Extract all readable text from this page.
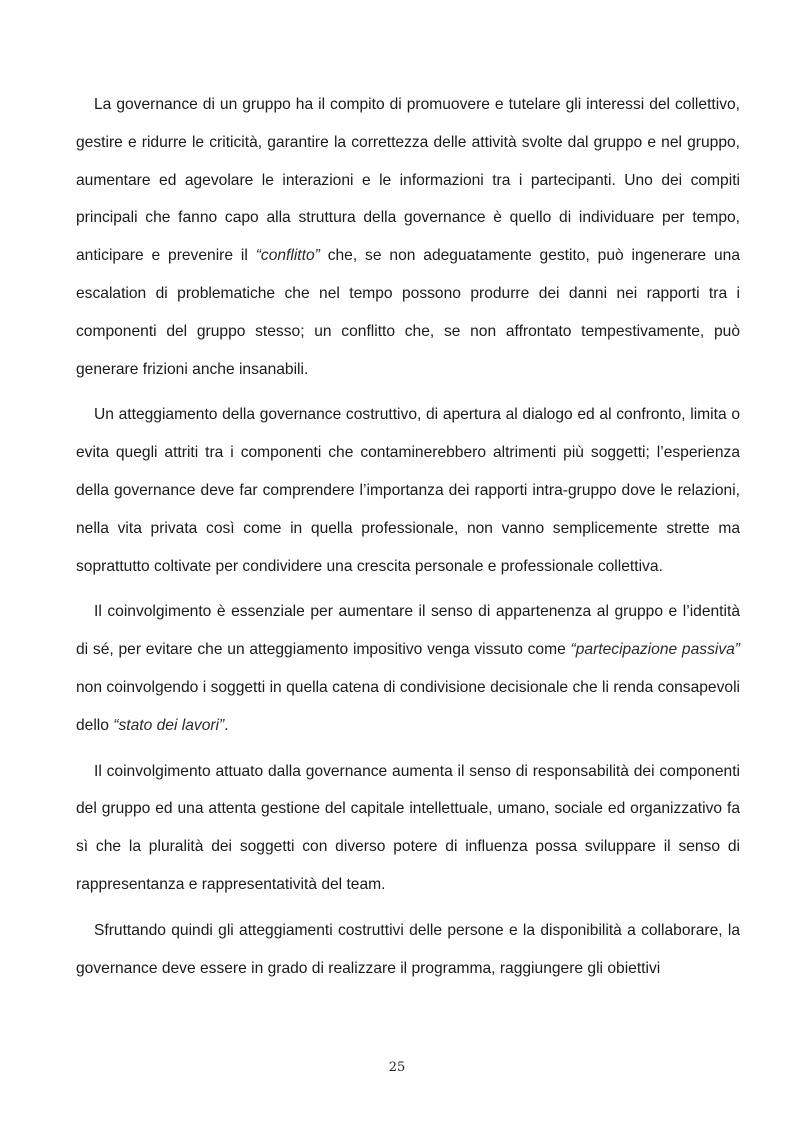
La governance di un gruppo ha il compito di promuovere e tutelare gli interessi del collettivo, gestire e ridurre le criticità, garantire la correttezza delle attività svolte dal gruppo e nel gruppo, aumentare ed agevolare le interazioni e le informazioni tra i partecipanti. Uno dei compiti principali che fanno capo alla struttura della governance è quello di individuare per tempo, anticipare e prevenire il “conflitto” che, se non adeguatamente gestito, può ingenerare una escalation di problematiche che nel tempo possono produrre dei danni nei rapporti tra i componenti del gruppo stesso; un conflitto che, se non affrontato tempestivamente, può generare frizioni anche insanabili.

Un atteggiamento della governance costruttivo, di apertura al dialogo ed al confronto, limita o evita quegli attriti tra i componenti che contaminerebbero altrimenti più soggetti; l’esperienza della governance deve far comprendere l’importanza dei rapporti intra-gruppo dove le relazioni, nella vita privata così come in quella professionale, non vanno semplicemente strette ma soprattutto coltivate per condividere una crescita personale e professionale collettiva.

Il coinvolgimento è essenziale per aumentare il senso di appartenenza al gruppo e l’identità di sé, per evitare che un atteggiamento impositivo venga vissuto come “partecipazione passiva” non coinvolgendo i soggetti in quella catena di condivisione decisionale che li renda consapevoli dello “stato dei lavori”.

Il coinvolgimento attuato dalla governance aumenta il senso di responsabilità dei componenti del gruppo ed una attenta gestione del capitale intellettuale, umano, sociale ed organizzativo fa sì che la pluralità dei soggetti con diverso potere di influenza possa sviluppare il senso di rappresentanza e rappresentatività del team.

Sfruttando quindi gli atteggiamenti costruttivi delle persone e la disponibilità a collaborare, la governance deve essere in grado di realizzare il programma, raggiungere gli obiettivi

25
